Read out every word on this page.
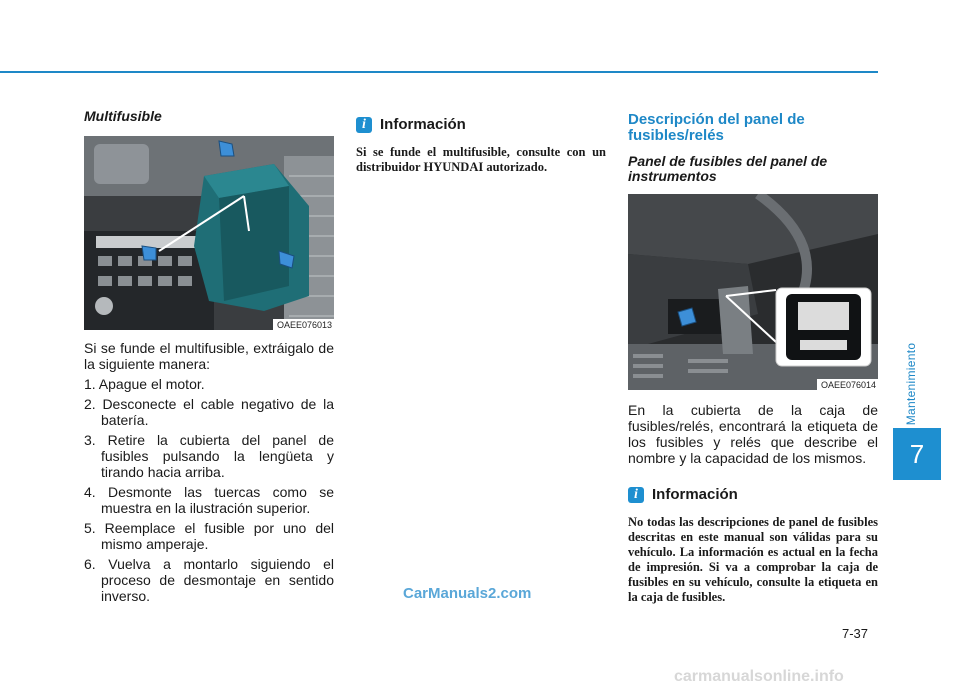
Mantenimiento
7
Multifusible
OAEE076013

Si se funde el multifusible, extráigalo de la siguiente manera:

1. Apague el motor.
2. Desconecte el cable negativo de la batería.
3. Retire la cubierta del panel de fusibles pulsando la lengüeta y tirando hacia arriba.
4. Desmonte las tuercas como se muestra en la ilustración superior.
5. Reemplace el fusible por uno del mismo amperaje.
6. Vuelva a montarlo siguiendo el proceso de desmontaje en sentido inverso.
i Información

Si se funde el multifusible, consulte con un distribuidor HYUNDAI autorizado.

Descripción del panel de fusibles/relés
Panel de fusibles del panel de instrumentos
OAEE076014

En la cubierta de la caja de fusibles/relés, encontrará la etiqueta de los fusibles y relés que describe el nombre y la capacidad de los mismos.

i Información

No todas las descripciones de panel de fusibles descritas en este manual son válidas para su vehículo. La información es actual en la fecha de impresión. Si va a comprobar la caja de fusibles en su vehículo, consulte la etiqueta en la caja de fusibles.

7-37
CarManuals2.com
carmanualsonline.info
